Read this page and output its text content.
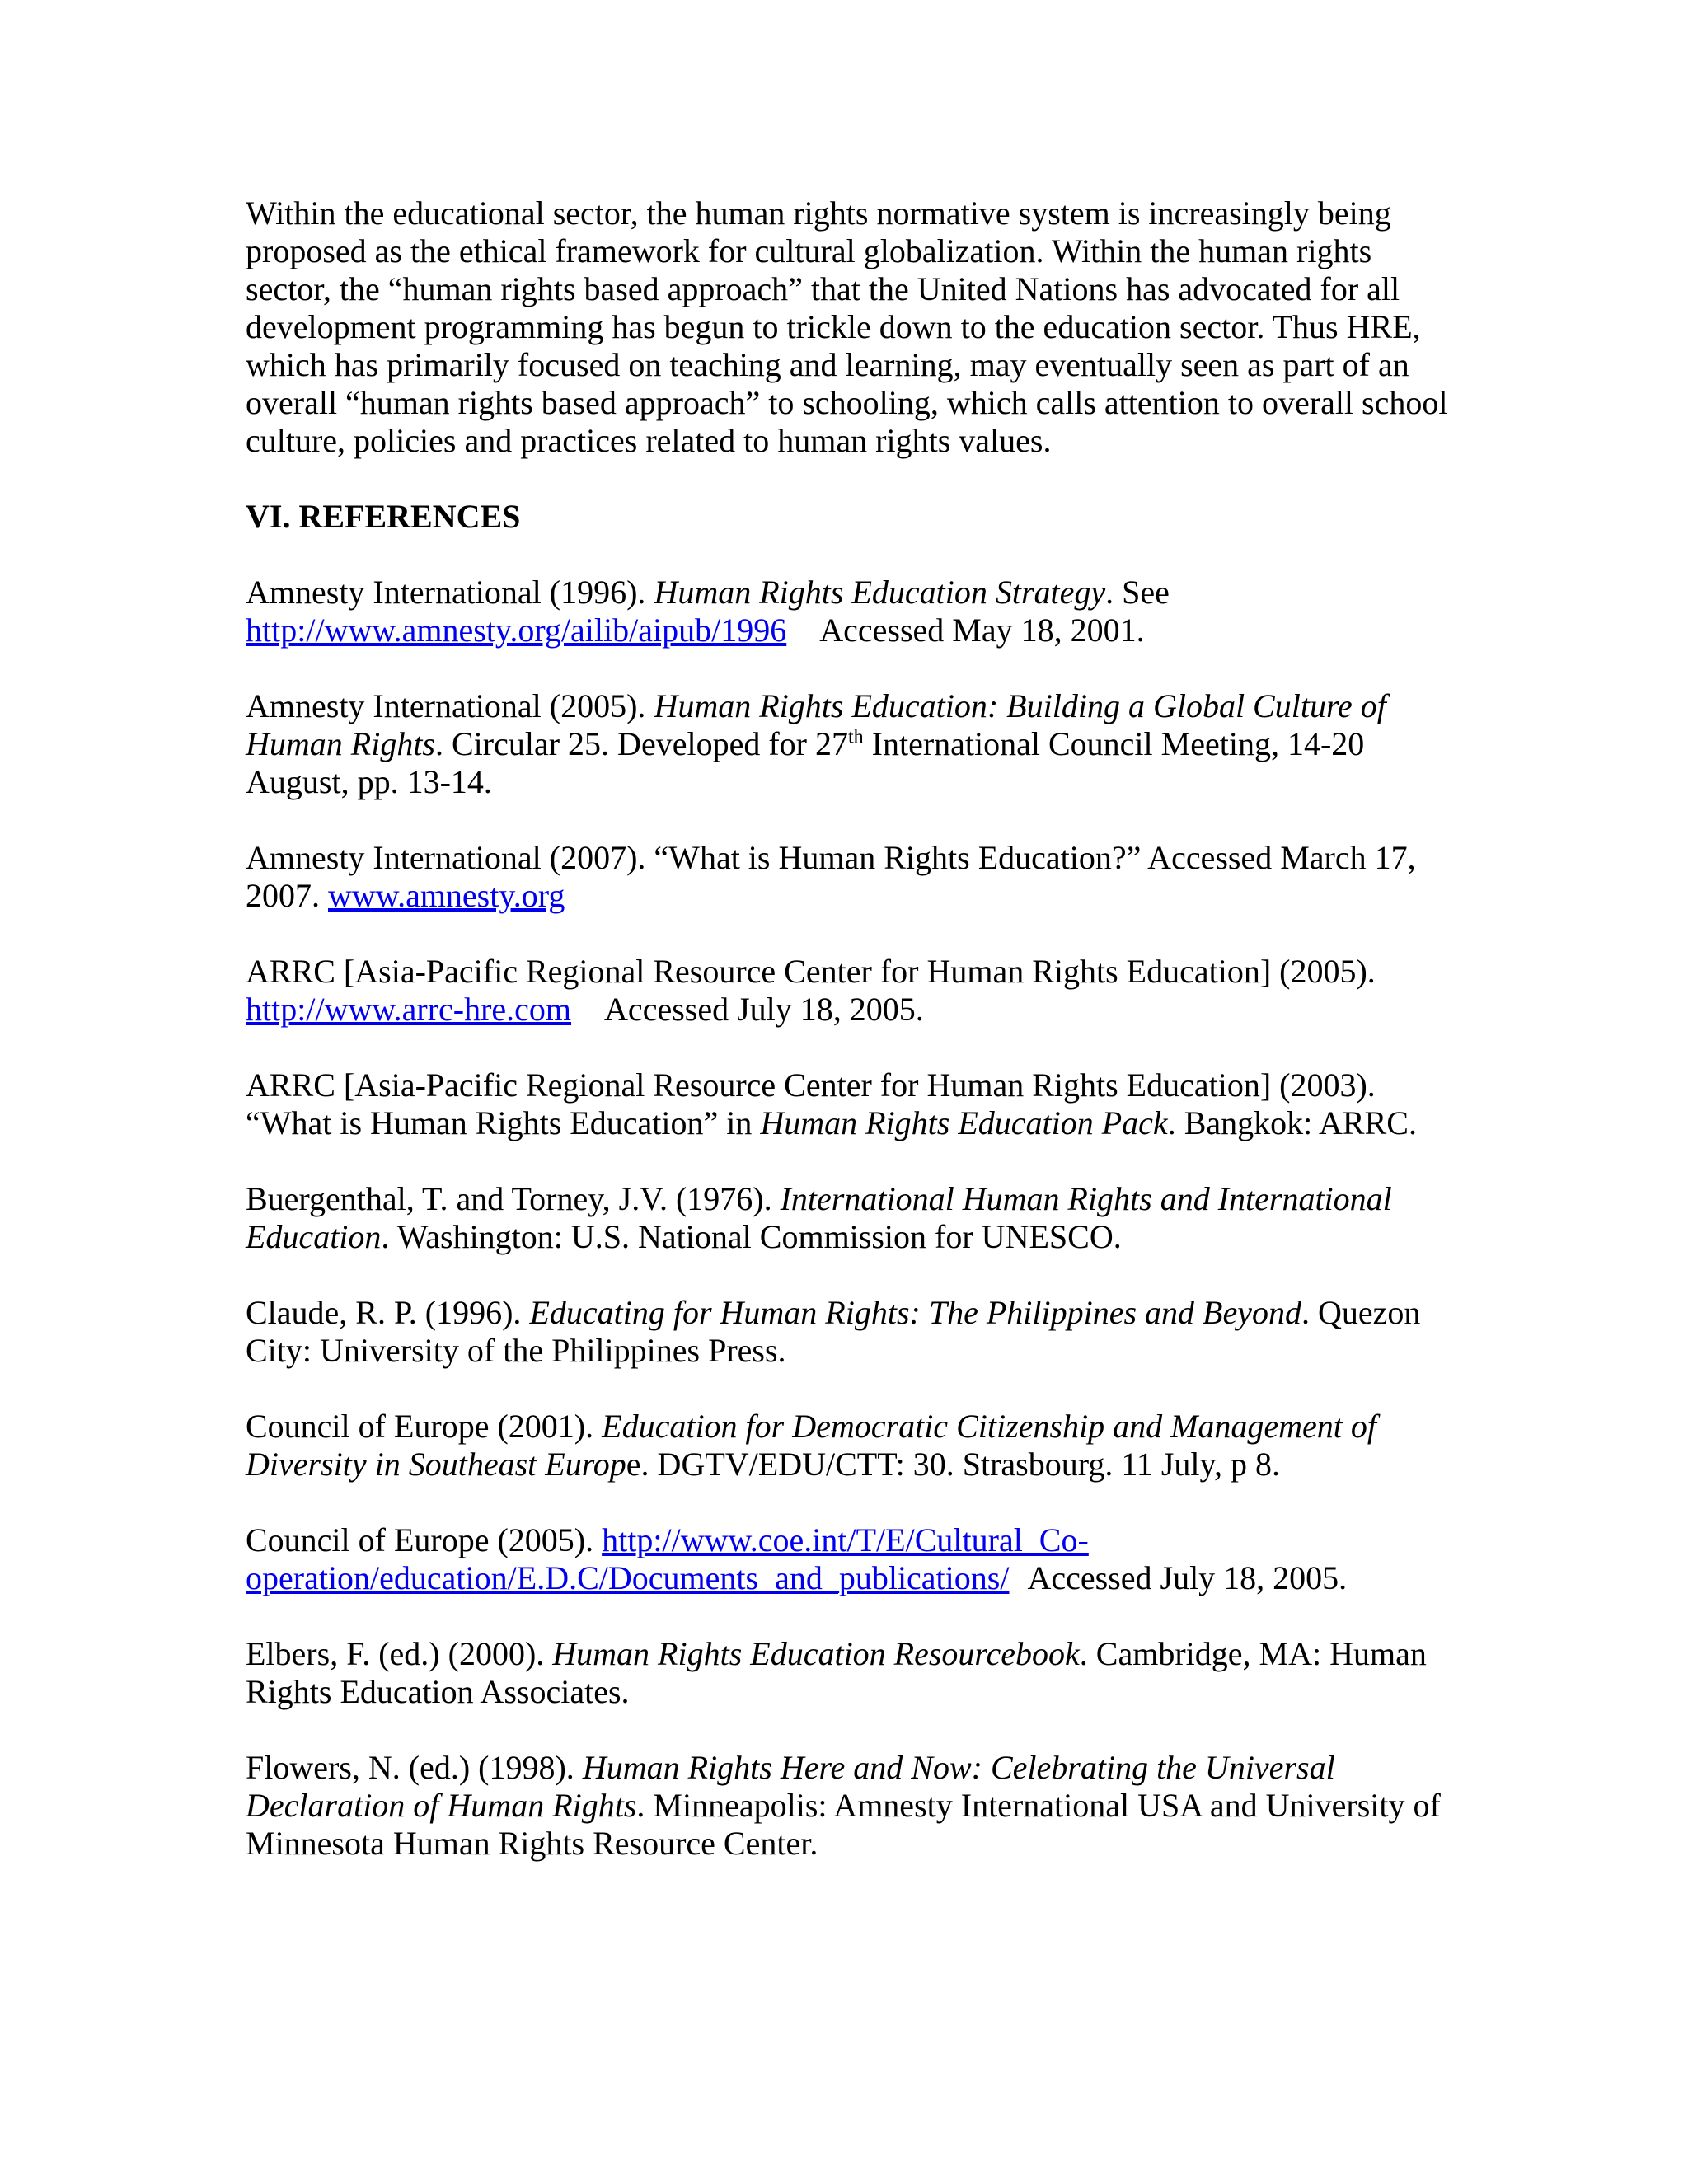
Within the educational sector, the human rights normative system is increasingly being proposed as the ethical framework for cultural globalization. Within the human rights sector, the “human rights based approach” that the United Nations has advocated for all development programming has begun to trickle down to the education sector. Thus HRE, which has primarily focused on teaching and learning, may eventually seen as part of an overall “human rights based approach” to schooling, which calls attention to overall school culture, policies and practices related to human rights values.

VI. REFERENCES

Amnesty International (1996). Human Rights Education Strategy. See
http://www.amnesty.org/ailib/aipub/1996 Accessed May 18, 2001.

Amnesty International (2005). Human Rights Education: Building a Global Culture of Human Rights. Circular 25. Developed for 27th International Council Meeting, 14-20 August, pp. 13-14.

Amnesty International (2007). “What is Human Rights Education?” Accessed March 17, 2007. www.amnesty.org

ARRC [Asia-Pacific Regional Resource Center for Human Rights Education] (2005).
http://www.arrc-hre.com Accessed July 18, 2005.

ARRC [Asia-Pacific Regional Resource Center for Human Rights Education] (2003). “What is Human Rights Education” in Human Rights Education Pack. Bangkok: ARRC.

Buergenthal, T. and Torney, J.V. (1976). International Human Rights and International Education. Washington: U.S. National Commission for UNESCO.

Claude, R. P. (1996). Educating for Human Rights: The Philippines and Beyond. Quezon City: University of the Philippines Press.

Council of Europe (2001). Education for Democratic Citizenship and Management of Diversity in Southeast Europe. DGTV/EDU/CTT: 30. Strasbourg. 11 July, p 8.

Council of Europe (2005). http://www.coe.int/T/E/Cultural_Co-operation/education/E.D.C/Documents_and_publications/ Accessed July 18, 2005.

Elbers, F. (ed.) (2000). Human Rights Education Resourcebook. Cambridge, MA: Human Rights Education Associates.

Flowers, N. (ed.) (1998). Human Rights Here and Now: Celebrating the Universal Declaration of Human Rights. Minneapolis: Amnesty International USA and University of Minnesota Human Rights Resource Center.
